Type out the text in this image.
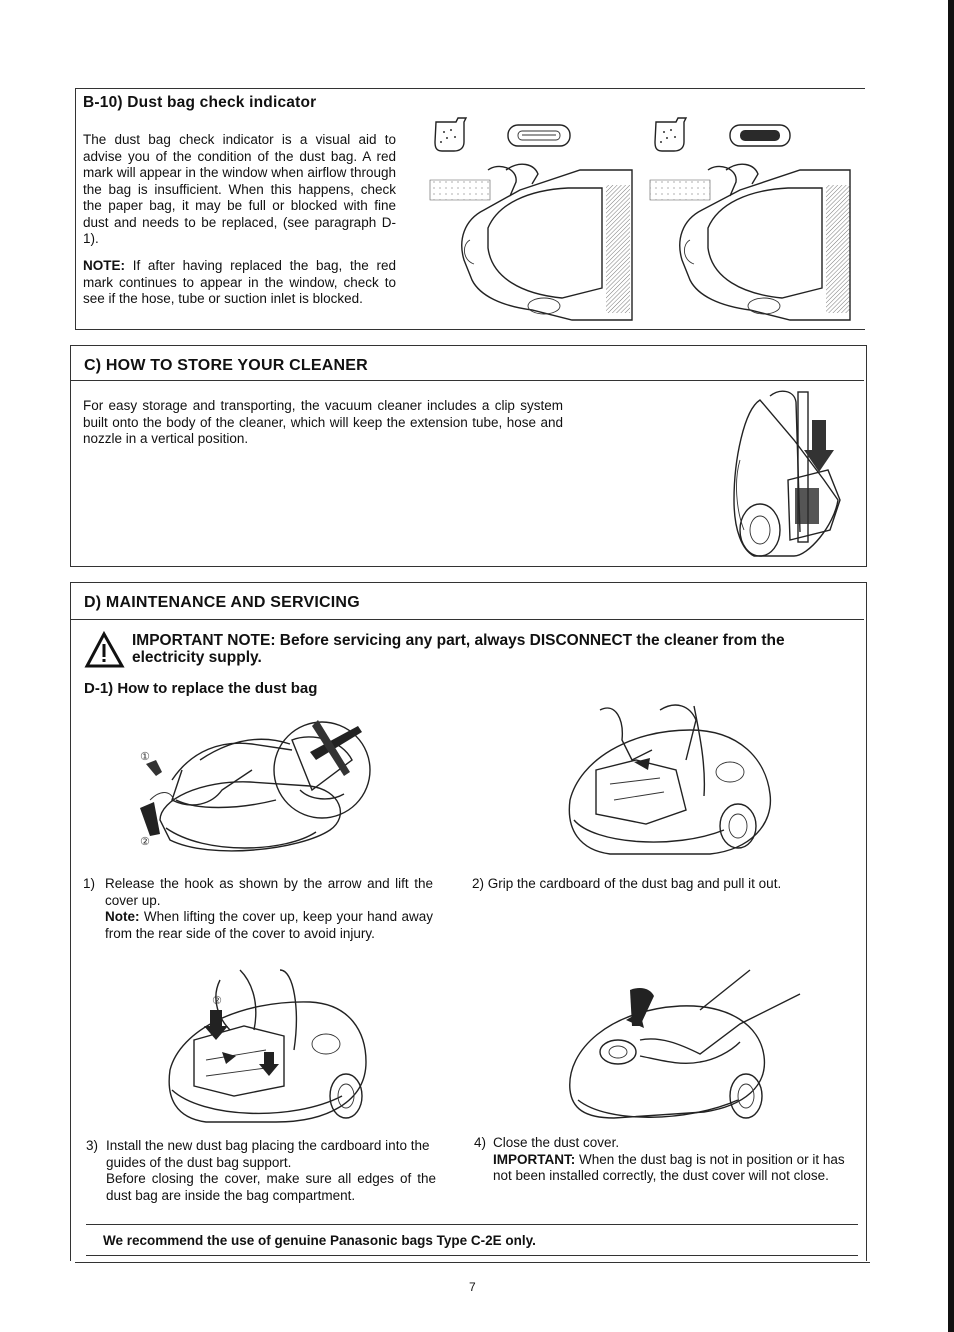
B-10) Dust bag check indicator

The dust bag check indicator is a visual aid to advise you of the condition of the dust bag. A red mark will appear in the window when airflow through the bag is insufficient. When this happens, check the paper bag, it may be full or blocked with fine dust and needs to be replaced, (see paragraph D-1).

NOTE: If after having replaced the bag, the red mark continues to appear in the window, check to see if the hose, tube or suction inlet is blocked.

C) HOW TO STORE YOUR CLEANER

For easy storage and transporting, the vacuum cleaner includes a clip system built onto the body of the cleaner, which will keep the extension tube, hose and nozzle in a vertical position.

D) MAINTENANCE AND SERVICING
IMPORTANT NOTE: Before servicing any part, always DISCONNECT the cleaner from the electricity supply.
D-1) How to replace the dust bag
①
②
②
1) Release the hook as shown by the arrow and lift the cover up.

Note: When lifting the cover up, keep your hand away from the rear side of the cover to avoid injury.

2) Grip the cardboard of the dust bag and pull it out.

3) Install the new dust bag placing the cardboard into the guides of the dust bag support.

Before closing the cover, make sure all edges of the dust bag are inside the bag compartment.

4) Close the dust cover.

IMPORTANT: When the dust bag is not in position or it has not been installed correctly, the dust cover will not close.

We recommend the use of genuine Panasonic bags Type C-2E only.
7
